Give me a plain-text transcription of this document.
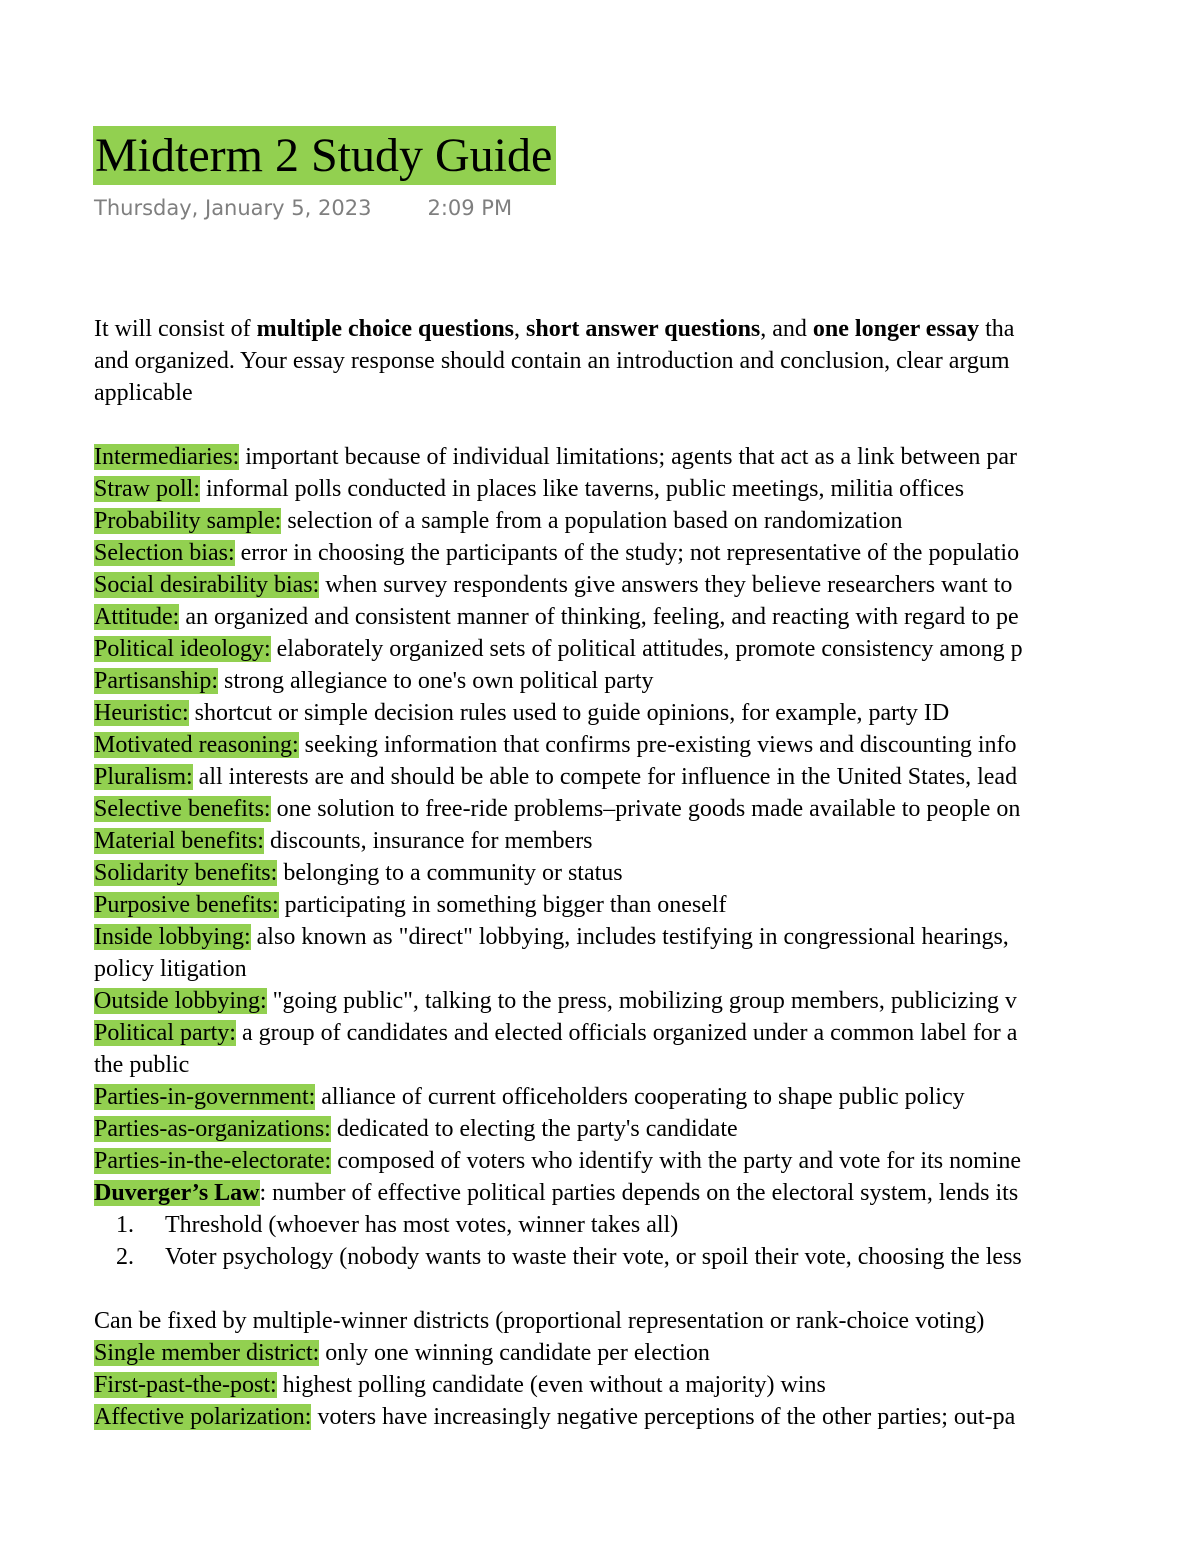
Midterm 2 Study Guide
Thursday, January 5, 2023	2:09 PM

It will consist of multiple choice questions, short answer questions, and one longer essay tha

and organized. Your essay response should contain an introduction and conclusion, clear argum

applicable

Intermediaries: important because of individual limitations; agents that act as a link between par
Straw poll: informal polls conducted in places like taverns, public meetings, militia offices
Probability sample: selection of a sample from a population based on randomization
Selection bias: error in choosing the participants of the study; not representative of the populatio
Social desirability bias: when survey respondents give answers they believe researchers want to
Attitude: an organized and consistent manner of thinking, feeling, and reacting with regard to pe
Political ideology: elaborately organized sets of political attitudes, promote consistency among p
Partisanship: strong allegiance to one's own political party
Heuristic: shortcut or simple decision rules used to guide opinions, for example, party ID
Motivated reasoning: seeking information that confirms pre-existing views and discounting info
Pluralism: all interests are and should be able to compete for influence in the United States, lead
Selective benefits: one solution to free-ride problems–private goods made available to people on
Material benefits: discounts, insurance for members
Solidarity benefits: belonging to a community or status
Purposive benefits: participating in something bigger than oneself
Inside lobbying: also known as "direct" lobbying, includes testifying in congressional hearings,
policy litigation
Outside lobbying: "going public", talking to the press, mobilizing group members, publicizing v
Political party: a group of candidates and elected officials organized under a common label for a
the public
Parties-in-government: alliance of current officeholders cooperating to shape public policy
Parties-as-organizations: dedicated to electing the party's candidate
Parties-in-the-electorate: composed of voters who identify with the party and vote for its nomine
Duverger’s Law: number of effective political parties depends on the electoral system, lends its
1. Threshold (whoever has most votes, winner takes all)
2. Voter psychology (nobody wants to waste their vote, or spoil their vote, choosing the less
Can be fixed by multiple-winner districts (proportional representation or rank-choice voting)
Single member district: only one winning candidate per election
First-past-the-post: highest polling candidate (even without a majority) wins
Affective polarization: voters have increasingly negative perceptions of the other parties; out-pa
